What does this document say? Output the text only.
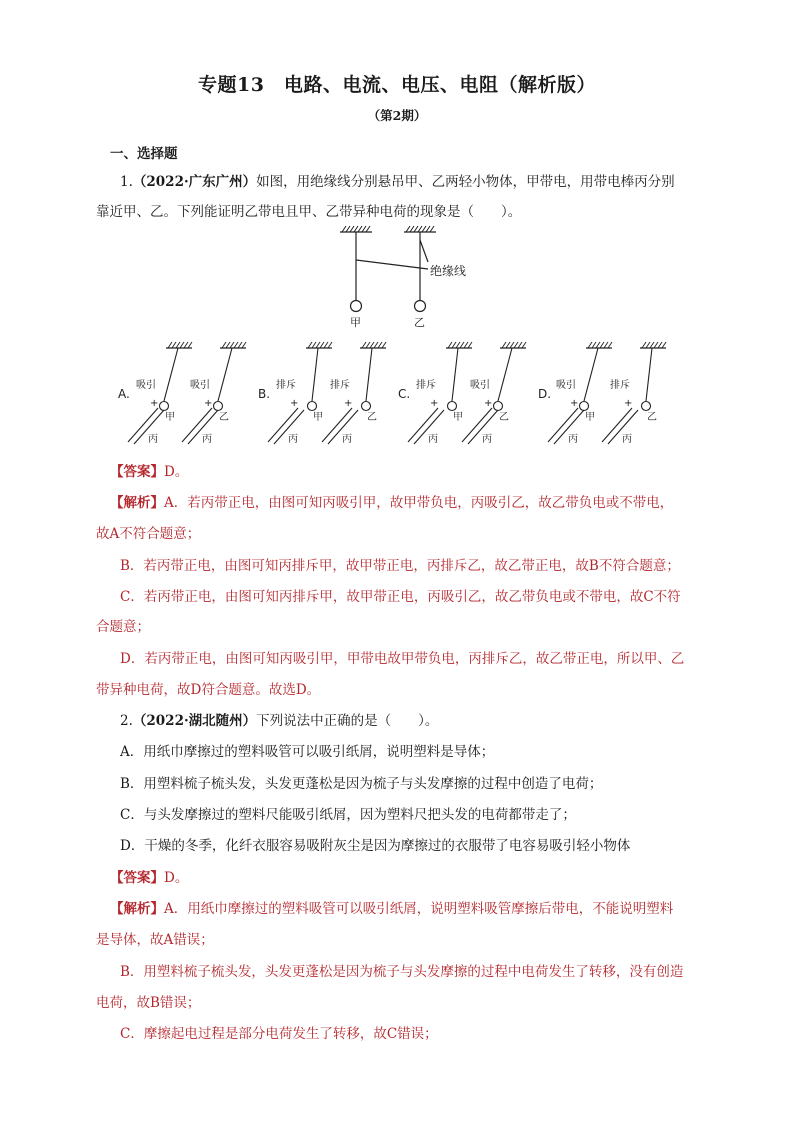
专题13　电路、电流、电压、电阻（解析版）
（第2期）
一、选择题
1.（2022·广东广州）如图，用绝缘线分别悬吊甲、乙两轻小物体，甲带电，用带电棒丙分别
靠近甲、乙。下列能证明乙带电且甲、乙带异种电荷的现象是（　　）。
绝缘线
甲	乙
A.
甲
吸引
+
丙
乙
吸引
+
丙
B.
甲
排斥
+
丙
乙
排斥
+
丙
C.
甲
排斥
+
丙
乙
吸引
+
丙
D.
甲
吸引
+
丙
乙
排斥
+
丙
【答案】D。
【解析】A．若丙带正电，由图可知丙吸引甲，故甲带负电，丙吸引乙，故乙带负电或不带电，
故A不符合题意；
B．若丙带正电，由图可知丙排斥甲，故甲带正电，丙排斥乙，故乙带正电，故B不符合题意；
C．若丙带正电，由图可知丙排斥甲，故甲带正电，丙吸引乙，故乙带负电或不带电，故C不符
合题意；
D．若丙带正电，由图可知丙吸引甲，甲带电故甲带负电，丙排斥乙，故乙带正电，所以甲、乙
带异种电荷，故D符合题意。故选D。
2.（2022·湖北随州）下列说法中正确的是（　　）。
A．用纸巾摩擦过的塑料吸管可以吸引纸屑，说明塑料是导体；
B．用塑料梳子梳头发，头发更蓬松是因为梳子与头发摩擦的过程中创造了电荷；
C．与头发摩擦过的塑料尺能吸引纸屑，因为塑料尺把头发的电荷都带走了；
D．干燥的冬季，化纤衣服容易吸附灰尘是因为摩擦过的衣服带了电容易吸引轻小物体
【答案】D。
【解析】A．用纸巾摩擦过的塑料吸管可以吸引纸屑，说明塑料吸管摩擦后带电，不能说明塑料
是导体，故A错误；
B．用塑料梳子梳头发，头发更蓬松是因为梳子与头发摩擦的过程中电荷发生了转移，没有创造
电荷，故B错误；
C．摩擦起电过程是部分电荷发生了转移，故C错误；
